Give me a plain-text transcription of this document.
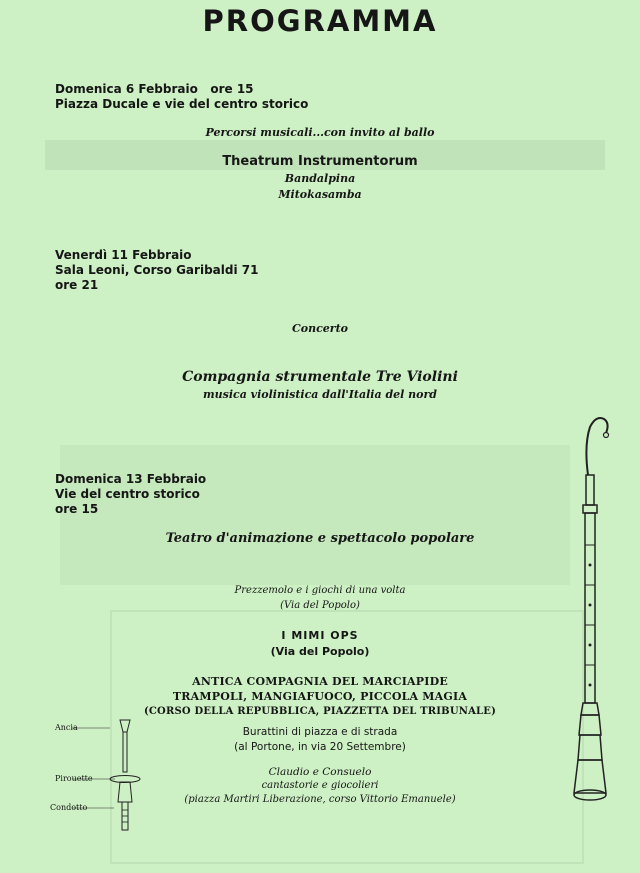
PROGRAMMA
Domenica 6 Febbraio   ore 15
Piazza Ducale e vie del centro storico
Percorsi musicali...con invito al ballo
Theatrum Instrumentorum
Bandalpina
Mitokasamba
Venerdì 11 Febbraio
Sala Leoni, Corso Garibaldi 71
ore 21
Concerto
Compagnia strumentale Tre Violini
musica violinistica dall'Italia del nord
Domenica 13 Febbraio
Vie del centro storico
ore 15
Teatro d'animazione e spettacolo popolare
Prezzemolo e i giochi di una volta
(Via del Popolo)
I MIMI OPS
(Via del Popolo)
ANTICA COMPAGNIA DEL MARCIAPIDE
TRAMPOLI, MANGIAFUOCO, PICCOLA MAGIA
(CORSO DELLA REPUBBLICA, PIAZZETTA DEL TRIBUNALE)
Burattini di piazza e di strada
(al Portone, in via 20 Settembre)
Claudio e Consuelo
cantastorie e giocolieri
(piazza Martiri Liberazione, corso Vittorio Emanuele)
Ancia
Pirouette
Condotto
